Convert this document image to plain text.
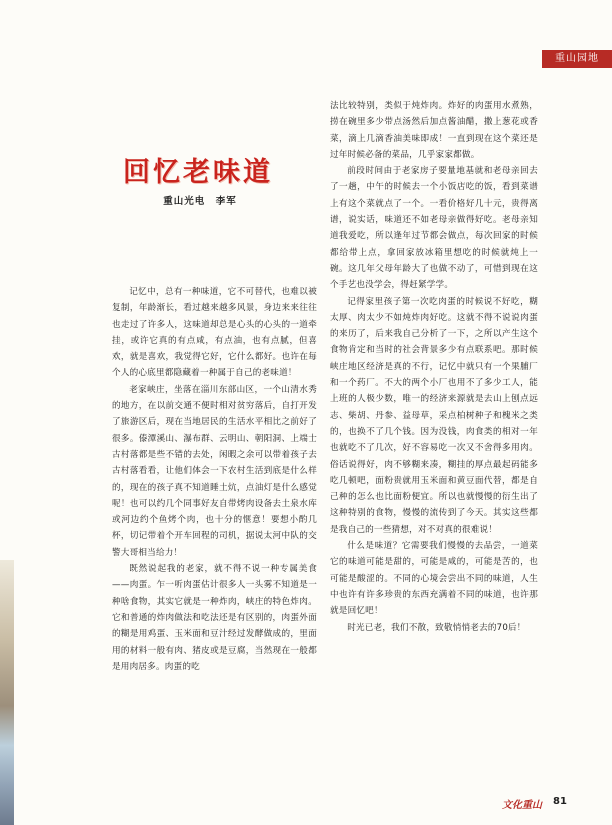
重山园地
回忆老味道
重山光电　李军

记忆中，总有一种味道，它不可替代，也难以被复制，年龄渐长，看过越来越多风景，身边来来往往也走过了许多人，这味道却总是心头的心头的一道牵挂，或许它真的有点咸，有点油，也有点腻，但喜欢，就是喜欢，我觉得它好，它什么都好。也许在每个人的心底里都隐藏着一种属于自己的老味道！

老家峡庄，坐落在淄川东部山区，一个山清水秀的地方，在以前交通不便时相对贫穷落后，自打开发了旅游区后，现在当地居民的生活水平相比之前好了很多。傣潭溪山、瀑布群、云明山、朝阳洞、上端士古村落都是些不错的去处，闲暇之余可以带着孩子去古村落看看，让他们体会一下农村生活到底是什么样的，现在的孩子真不知道睡土炕，点油灯是什么感觉呢！也可以约几个同事好友自带烤肉设备去土泉水库或河边约个鱼烤个肉，也十分的惬意！要想小酌几杯，切记带着个开车回程的司机，据说太河中队的交警大哥相当给力！

既然说起我的老家，就不得不说一种专属美食——肉蛋。乍一听肉蛋估计很多人一头雾不知道是一种啥食物，其实它就是一种炸肉，峡庄的特色炸肉。它和普通的炸肉做法和吃法还是有区别的，肉蛋外面的糊是用鸡蛋、玉米面和豆汁经过发酵做成的，里面用的材料一般有肉、猪皮或是豆腐，当然现在一般都是用肉居多。肉蛋的吃

法比较特别，类似于炖炸肉。炸好的肉蛋用水煮熟，捞在碗里多少带点汤然后加点酱油醋，撒上葱花或香菜，滴上几滴香油美味即成！一直到现在这个菜还是过年时候必备的菜品，几乎家家都做。

前段时间由于老家房子要量地基就和老母亲回去了一趟，中午的时候去一个小饭店吃的饭，看到菜谱上有这个菜就点了一个。一看价格好几十元，贵得离谱，说实话，味道还不如老母亲做得好吃。老母亲知道我爱吃，所以逢年过节都会做点，每次回家的时候都给带上点，拿回家放冰箱里想吃的时候就炖上一碗。这几年父母年龄大了也做不动了，可惜到现在这个手艺也没学会，得赶紧学学。

记得家里孩子第一次吃肉蛋的时候说不好吃，糊太厚、肉太少不如炖炸肉好吃。这就不得不说说肉蛋的来历了，后来我自己分析了一下，之所以产生这个食物肯定和当时的社会背景多少有点联系吧。那时候峡庄地区经济是真的不行，记忆中就只有一个果脯厂和一个药厂。不大的两个小厂也用不了多少工人，能上班的人极少数，唯一的经济来源就是去山上刨点远志、柴胡、丹参、益母草，采点柏树种子和槐米之类的，也换不了几个钱。因为没钱，肉食类的相对一年也就吃不了几次，好不容易吃一次又不舍得多用肉。俗话说得好，肉不够糊来凑，糊挂的厚点最起码能多吃几顿吧，面粉贵就用玉米面和黄豆面代替，都是自己种的怎么也比面粉便宜。所以也就慢慢的衍生出了这种特别的食物，慢慢的流传到了今天。其实这些都是我自己的一些猜想，对不对真的很难说！

什么是味道？它需要我们慢慢的去品尝，一道菜它的味道可能是甜的，可能是咸的，可能是苦的，也可能是酸涩的。不同的心境会尝出不同的味道，人生中也许有许多珍贵的东西充满着不同的味道，也许那就是回忆吧！

时光已老，我们不散，致敬悄悄老去的70后！

文化重山 81
